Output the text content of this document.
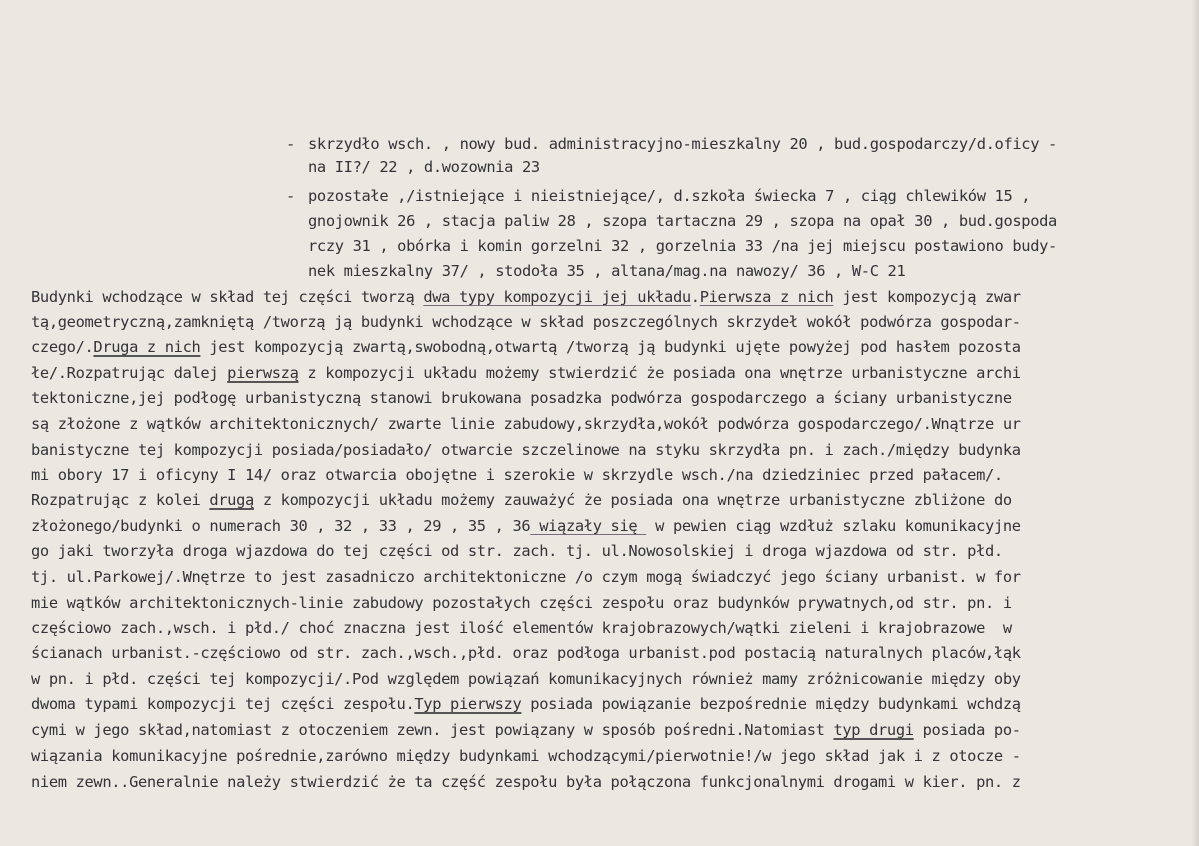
- skrzydło wsch. , nowy bud. administracyjno-mieszkalny 20 , bud.gospodarczy/d.oficy -
na II?/ 22 , d.wozownia 23
- pozostałe ,/istniejące i nieistniejące/, d.szkoła świecka 7 , ciąg chlewików 15 ,
gnojownik 26 , stacja paliw 28 , szopa tartaczna 29 , szopa na opał 30 , bud.gospoda
rczy 31 , obórka i komin gorzelni 32 , gorzelnia 33 /na jej miejscu postawiono budy-
nek mieszkalny 37/ , stodoła 35 , altana/mag.na nawozy/ 36 , W-C 21
Budynki wchodzące w skład tej części tworzą dwa typy kompozycji jej układu.Pierwsza z nich jest kompozycją zwar
tą,geometryczną,zamkniętą /tworzą ją budynki wchodzące w skład poszczególnych skrzydeł wokół podwórza gospodar-
czego/.Druga z nich jest kompozycją zwartą,swobodną,otwartą /tworzą ją budynki ujęte powyżej pod hasłem pozosta
łe/.Rozpatrując dalej pierwszą z kompozycji układu możemy stwierdzić że posiada ona wnętrze urbanistyczne archi
tektoniczne,jej podłogę urbanistyczną stanowi brukowana posadzka podwórza gospodarczego a ściany urbanistyczne
są złożone z wątków architektonicznych/ zwarte linie zabudowy,skrzydła,wokół podwórza gospodarczego/.Wnątrze ur
banistyczne tej kompozycji posiada/posiadało/ otwarcie szczelinowe na styku skrzydła pn. i zach./między budynka
mi obory 17 i oficyny I 14/ oraz otwarcia obojętne i szerokie w skrzydle wsch./na dziedziniec przed pałacem/.
Rozpatrując z kolei drugą z kompozycji układu możemy zauważyć że posiada ona wnętrze urbanistyczne zbliżone do
złożonego/budynki o numerach 30 , 32 , 33 , 29 , 35 , 36 wiązały się  w pewien ciąg wzdłuż szlaku komunikacyjne
go jaki tworzyła droga wjazdowa do tej części od str. zach. tj. ul.Nowosolskiej i droga wjazdowa od str. płd.
tj. ul.Parkowej/.Wnętrze to jest zasadniczo architektoniczne /o czym mogą świadczyć jego ściany urbanist. w for
mie wątków architektonicznych-linie zabudowy pozostałych części zespołu oraz budynków prywatnych,od str. pn. i
częściowo zach.,wsch. i płd./ choć znaczna jest ilość elementów krajobrazowych/wątki zieleni i krajobrazowe  w
ścianach urbanist.-częściowo od str. zach.,wsch.,płd. oraz podłoga urbanist.pod postacią naturalnych placów,łąk
w pn. i płd. części tej kompozycji/.Pod względem powiązań komunikacyjnych również mamy zróżnicowanie między oby
dwoma typami kompozycji tej części zespołu.Typ pierwszy posiada powiązanie bezpośrednie między budynkami wchdzą
cymi w jego skład,natomiast z otoczeniem zewn. jest powiązany w sposób pośredni.Natomiast typ drugi posiada po-
wiązania komunikacyjne pośrednie,zarówno między budynkami wchodzącymi/pierwotnie!/w jego skład jak i z otocze -
niem zewn..Generalnie należy stwierdzić że ta część zespołu była połączona funkcjonalnymi drogami w kier. pn. z
